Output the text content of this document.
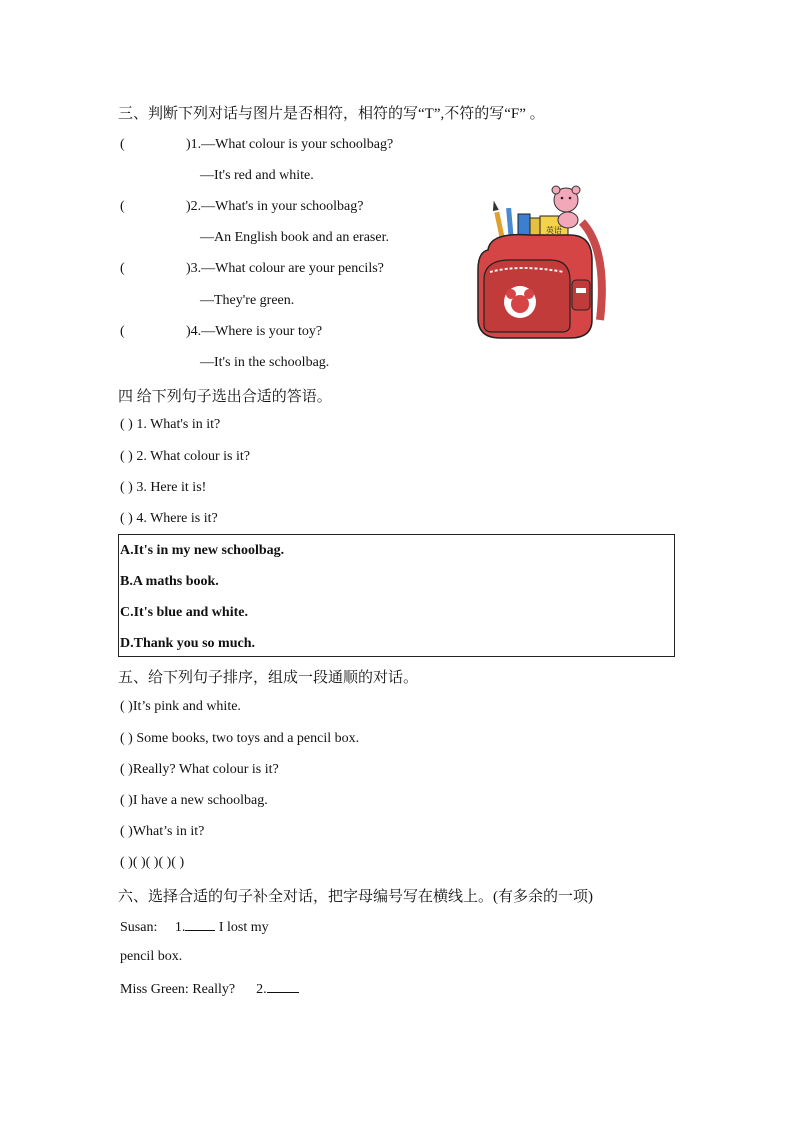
三、判断下列对话与图片是否相符，相符的写“T”,不符的写“F” 。
(	)1.—What colour is your schoolbag?
—It's red and white.
(	)2.—What's in your schoolbag?
—An English book and an eraser.
(	)3.—What colour are your pencils?
—They're green.
(	)4.—Where is your toy?
—It's in the schoolbag.
英语
四 给下列句子选出合适的答语。
( ) 1. What's in it?
( ) 2. What colour is it?
( ) 3. Here it is!
( ) 4. Where is it?
A.It's in my new schoolbag.
B.A maths book.
C.It's blue and white.
D.Thank you so much.
五、给下列句子排序，组成一段通顺的对话。
( )It’s pink and white.
( ) Some books, two toys and a pencil box.
( )Really? What colour is it?
( )I have a new schoolbag.
( )What’s in it?
( )( )( )( )( )
六、选择合适的句子补全对话，把字母编号写在横线上。(有多余的一项)
Susan: 1. I lost my
pencil box.
Miss Green: Really? 2.
